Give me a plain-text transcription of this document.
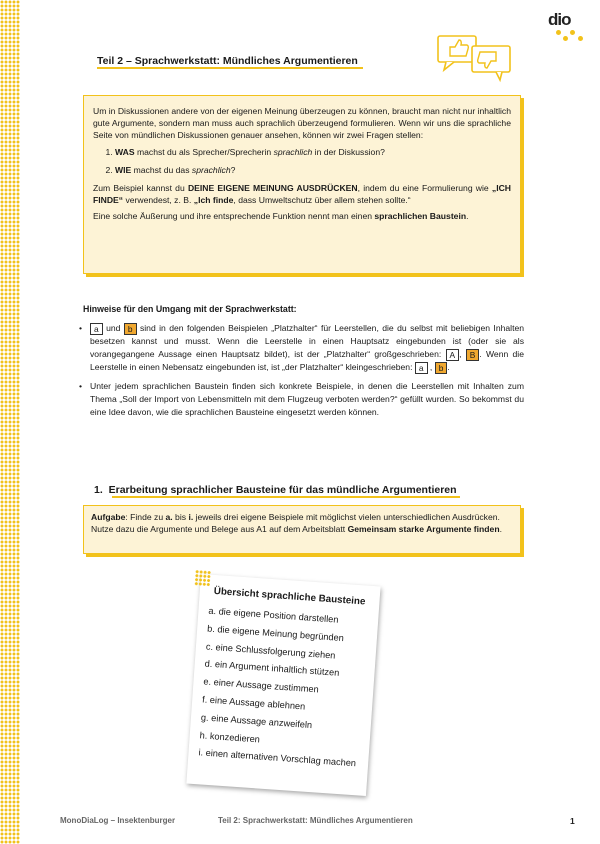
dio
Teil 2 – Sprachwerkstatt: Mündliches Argumentieren

Um in Diskussionen andere von der eigenen Meinung überzeugen zu können, braucht man nicht nur inhaltlich gute Argumente, sondern man muss auch sprachlich überzeugend formulieren. Wenn wir uns die sprachliche Seite von mündlichen Diskussionen genauer ansehen, können wir zwei Fragen stellen:

1. WAS machst du als Sprecher/Sprecherin sprachlich in der Diskussion?
2. WIE machst du das sprachlich?

Zum Beispiel kannst du DEINE EIGENE MEINUNG AUSDRÜCKEN, indem du eine Formulierung wie „ICH FINDE“ verwendest, z. B. „Ich finde, dass Umweltschutz über allem stehen sollte.“

Eine solche Äußerung und ihre entsprechende Funktion nennt man einen sprachlichen Baustein.

Hinweise für den Umgang mit der Sprachwerkstatt:
• a und b sind in den folgenden Beispielen „Platzhalter“ für Leerstellen, die du selbst mit beliebigen Inhalten besetzen kannst und musst. Wenn die Leerstelle in einen Hauptsatz eingebunden ist (oder sie als vorangegangene Aussage einen Hauptsatz bildet), ist der „Platzhalter“ großgeschrieben: A , B . Wenn die Leerstelle in einen Nebensatz eingebunden ist, ist „der Platzhalter“ kleingeschrieben: a , b .
• Unter jedem sprachlichen Baustein finden sich konkrete Beispiele, in denen die Leerstellen mit Inhalten zum Thema „Soll der Import von Lebensmitteln mit dem Flugzeug verboten werden?“ gefüllt wurden. So bekommst du eine Idee davon, wie die sprachlichen Bausteine eingesetzt werden können.
1. Erarbeitung sprachlicher Bausteine für das mündliche Argumentieren
Aufgabe: Finde zu a. bis i. jeweils drei eigene Beispiele mit möglichst vielen unterschiedlichen Ausdrücken. Nutze dazu die Argumente und Belege aus A1 auf dem Arbeitsblatt Gemeinsam starke Argumente finden.
Übersicht sprachliche Bausteine
a. die eigene Position darstellen
b. die eigene Meinung begründen
c. eine Schlussfolgerung ziehen
d. ein Argument inhaltlich stützen
e. einer Aussage zustimmen
f. eine Aussage ablehnen
g. eine Aussage anzweifeln
h. konzedieren
i. einen alternativen Vorschlag machen
MonoDiaLog – Insektenburger	Teil 2: Sprachwerkstatt: Mündliches Argumentieren	1
